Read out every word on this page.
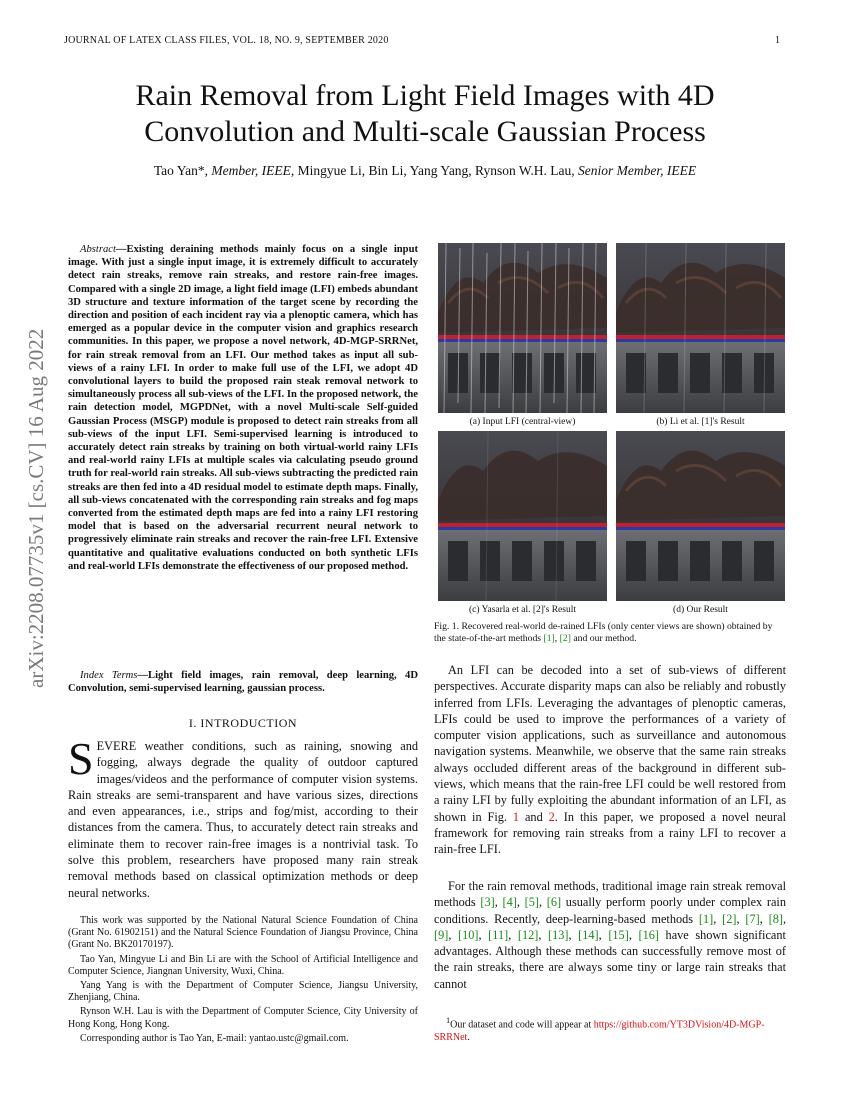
JOURNAL OF LATEX CLASS FILES, VOL. 18, NO. 9, SEPTEMBER 2020	1
Rain Removal from Light Field Images with 4D
Convolution and Multi-scale Gaussian Process
Tao Yan*, Member, IEEE, Mingyue Li, Bin Li, Yang Yang, Rynson W.H. Lau, Senior Member, IEEE
arXiv:2208.07735v1 [cs.CV] 16 Aug 2022
Abstract—Existing deraining methods mainly focus on a single input image. With just a single input image, it is extremely difficult to accurately detect rain streaks, remove rain streaks, and restore rain-free images. Compared with a single 2D image, a light field image (LFI) embeds abundant 3D structure and texture information of the target scene by recording the direction and position of each incident ray via a plenoptic camera, which has emerged as a popular device in the computer vision and graphics research communities. In this paper, we propose a novel network, 4D-MGP-SRRNet, for rain streak removal from an LFI. Our method takes as input all sub-views of a rainy LFI. In order to make full use of the LFI, we adopt 4D convolutional layers to build the proposed rain steak removal network to simultaneously process all sub-views of the LFI. In the proposed network, the rain detection model, MGPDNet, with a novel Multi-scale Self-guided Gaussian Process (MSGP) module is proposed to detect rain streaks from all sub-views of the input LFI. Semi-supervised learning is introduced to accurately detect rain streaks by training on both virtual-world rainy LFIs and real-world rainy LFIs at multiple scales via calculating pseudo ground truth for real-world rain streaks. All sub-views subtracting the predicted rain streaks are then fed into a 4D residual model to estimate depth maps. Finally, all sub-views concatenated with the corresponding rain streaks and fog maps converted from the estimated depth maps are fed into a rainy LFI restoring model that is based on the adversarial recurrent neural network to progressively eliminate rain streaks and recover the rain-free LFI. Extensive quantitative and qualitative evaluations conducted on both synthetic LFIs and real-world LFIs demonstrate the effectiveness of our proposed method.
Index Terms—Light field images, rain removal, deep learning, 4D Convolution, semi-supervised learning, gaussian process.
I. INTRODUCTION
SEVERE weather conditions, such as raining, snowing and fogging, always degrade the quality of outdoor captured images/videos and the performance of computer vision systems. Rain streaks are semi-transparent and have various sizes, directions and even appearances, i.e., strips and fog/mist, according to their distances from the camera. Thus, to accurately detect rain streaks and eliminate them to recover rain-free images is a nontrivial task. To solve this problem, researchers have proposed many rain streak removal methods based on classical optimization methods or deep neural networks.

This work was supported by the National Natural Science Foundation of China (Grant No. 61902151) and the Natural Science Foundation of Jiangsu Province, China (Grant No. BK20170197).

Tao Yan, Mingyue Li and Bin Li are with the School of Artificial Intelligence and Computer Science, Jiangnan University, Wuxi, China.

Yang Yang is with the Department of Computer Science, Jiangsu University, Zhenjiang, China.

Rynson W.H. Lau is with the Department of Computer Science, City University of Hong Kong, Hong Kong.

Corresponding author is Tao Yan, E-mail: yantao.ustc@gmail.com.

(a) Input LFI (central-view)	(b) Li et al. [1]'s Result
(c) Yasarla et al. [2]'s Result	(d) Our Result
Fig. 1. Recovered real-world de-rained LFIs (only center views are shown) obtained by the state-of-the-art methods [1], [2] and our method.
An LFI can be decoded into a set of sub-views of different perspectives. Accurate disparity maps can also be reliably and robustly inferred from LFIs. Leveraging the advantages of plenoptic cameras, LFIs could be used to improve the performances of a variety of computer vision applications, such as surveillance and autonomous navigation systems. Meanwhile, we observe that the same rain streaks always occluded different areas of the background in different sub-views, which means that the rain-free LFI could be well restored from a rainy LFI by fully exploiting the abundant information of an LFI, as shown in Fig. 1 and 2. In this paper, we proposed a novel neural framework for removing rain streaks from a rainy LFI to recover a rain-free LFI.
For the rain removal methods, traditional image rain streak removal methods [3], [4], [5], [6] usually perform poorly under complex rain conditions. Recently, deep-learning-based methods [1], [2], [7], [8], [9], [10], [11], [12], [13], [14], [15], [16] have shown significant advantages. Although these methods can successfully remove most of the rain streaks, there are always some tiny or large rain streaks that cannot
$^1$Our dataset and code will appear at https://github.com/YT3DVision/4D-MGP-SRRNet.
